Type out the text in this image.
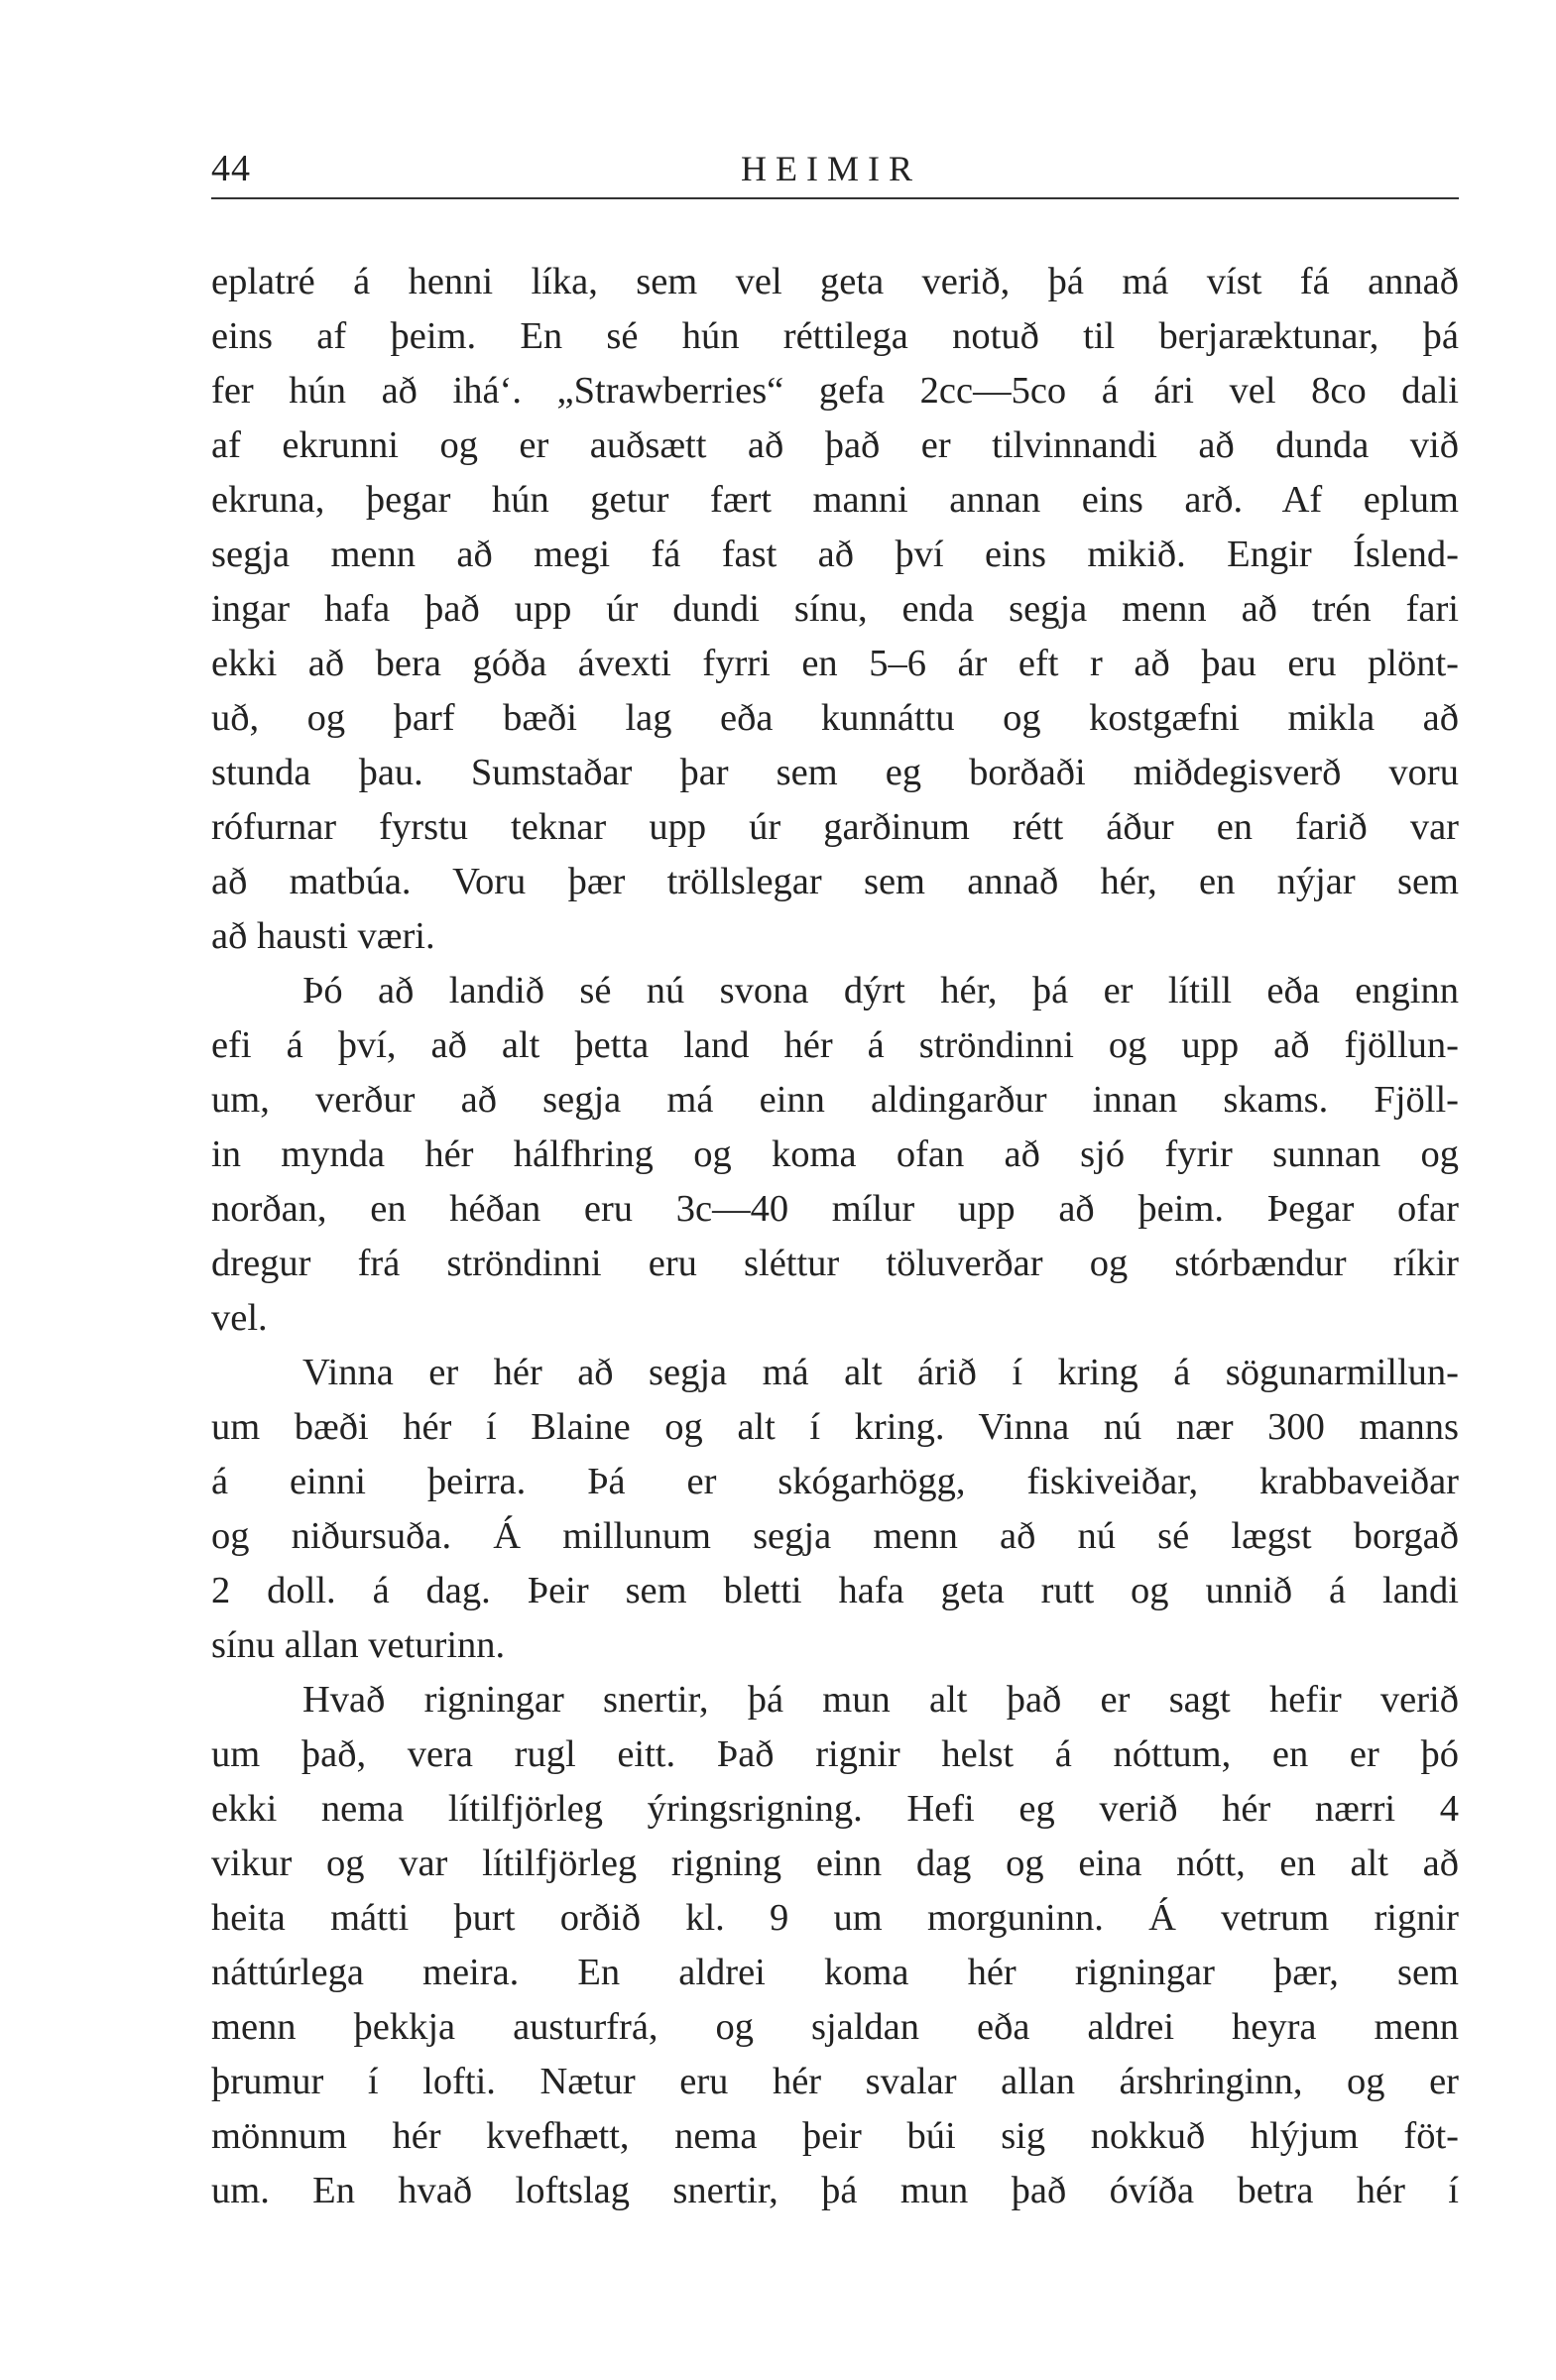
44	HEIMIR
eplatré á henni líka, sem vel geta verið, þá má víst fá annað
eins af þeim. En sé hún réttilega notuð til berjaræktunar, þá
fer hún að ihá‘. „Strawberries“ gefa 2cc—5co á ári vel 8co dali
af ekrunni og er auðsætt að það er tilvinnandi að dunda við
ekruna, þegar hún getur fært manni annan eins arð. Af eplum
segja menn að megi fá fast að því eins mikið. Engir Íslend-
ingar hafa það upp úr dundi sínu, enda segja menn að trén fari
ekki að bera góða ávexti fyrri en 5–6 ár eft r að þau eru plönt-
uð, og þarf bæði lag eða kunnáttu og kostgæfni mikla að
stunda þau. Sumstaðar þar sem eg borðaði miðdegisverð voru
rófurnar fyrstu teknar upp úr garðinum rétt áður en farið var
að matbúa. Voru þær tröllslegar sem annað hér, en nýjar sem
að hausti væri.
Þó að landið sé nú svona dýrt hér, þá er lítill eða enginn
efi á því, að alt þetta land hér á ströndinni og upp að fjöllun-
um, verður að segja má einn aldingarður innan skams. Fjöll-
in mynda hér hálfhring og koma ofan að sjó fyrir sunnan og
norðan, en héðan eru 3c—40 mílur upp að þeim. Þegar ofar
dregur frá ströndinni eru sléttur töluverðar og stórbændur ríkir
vel.
Vinna er hér að segja má alt árið í kring á sögunarmillun-
um bæði hér í Blaine og alt í kring. Vinna nú nær 300 manns
á einni þeirra. Þá er skógarhögg, fiskiveiðar, krabbaveiðar
og niðursuða. Á millunum segja menn að nú sé lægst borgað
2 doll. á dag. Þeir sem bletti hafa geta rutt og unnið á landi
sínu allan veturinn.
Hvað rigningar snertir, þá mun alt það er sagt hefir verið
um það, vera rugl eitt. Það rignir helst á nóttum, en er þó
ekki nema lítilfjörleg ýringsrigning. Hefi eg verið hér nærri 4
vikur og var lítilfjörleg rigning einn dag og eina nótt, en alt að
heita mátti þurt orðið kl. 9 um morguninn. Á vetrum rignir
náttúrlega meira. En aldrei koma hér rigningar þær, sem
menn þekkja austurfrá, og sjaldan eða aldrei heyra menn
þrumur í lofti. Nætur eru hér svalar allan árshringinn, og er
mönnum hér kvefhætt, nema þeir búi sig nokkuð hlýjum föt-
um. En hvað loftslag snertir, þá mun það óvíða betra hér í
